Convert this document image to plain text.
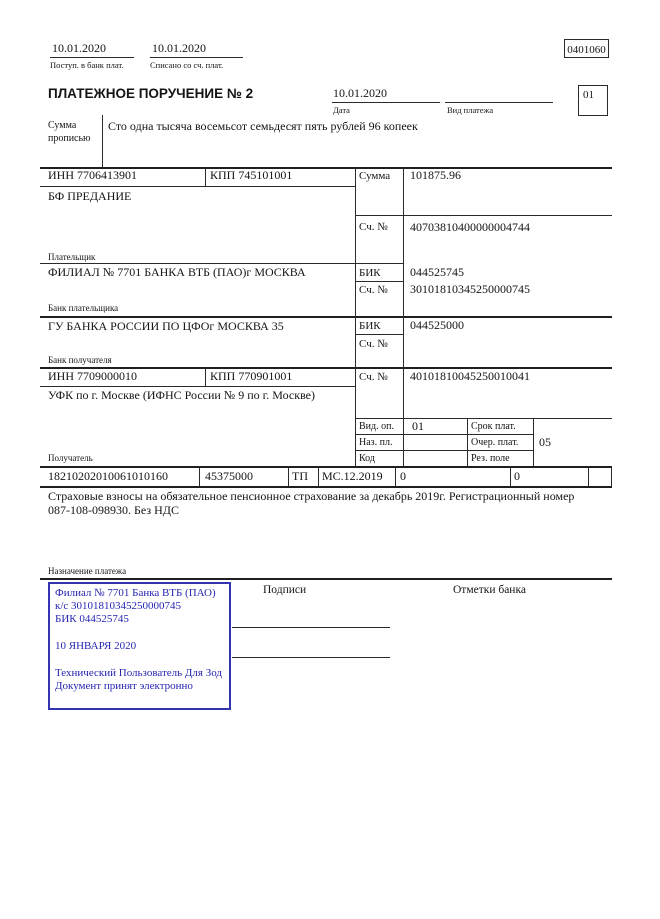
10.01.2020
Поступ. в банк плат.
10.01.2020
Списано со сч. плат.
0401060
ПЛАТЕЖНОЕ ПОРУЧЕНИЕ № 2	10.01.2020
Дата	Вид платежа
01
Сумма
прописью
Сто одна тысяча восемьсот семьдесят пять рублей 96 копеек
ИНН 7706413901	КПП 745101001	Сумма 101875.96
БФ ПРЕДАНИЕ
Сч. № 40703810400000004744
Плательщик
ФИЛИАЛ № 7701 БАНКА ВТБ (ПАО)г МОСКВА	БИК 044525745
Сч. № 30101810345250000745
Банк плательщика
ГУ БАНКА РОССИИ ПО ЦФОг МОСКВА 35	БИК 044525000
Сч. №
Банк получателя
ИНН 7709000010	КПП 770901001	Сч. № 40101810045250010041
УФК по г. Москве (ИФНС России № 9 по г. Москве)
Получатель
Вид. оп. 01	Срок плат.
Наз. пл.	Очер. плат. 05
Код	Рез. поле
18210202010061010160	45375000	ТП МС.12.2019 0	0
Страховые взносы на обязательное пенсионное страхование за декабрь 2019г. Регистрационный номер 087-108-098930. Без НДС
Назначение платежа
Подписи	Отметки банка
Филиал № 7701 Банка ВТБ (ПАО)
к/с 30101810345250000745
БИК 044525745
10 ЯНВАРЯ 2020
Технический Пользователь Для Зод
Документ принят электронно
